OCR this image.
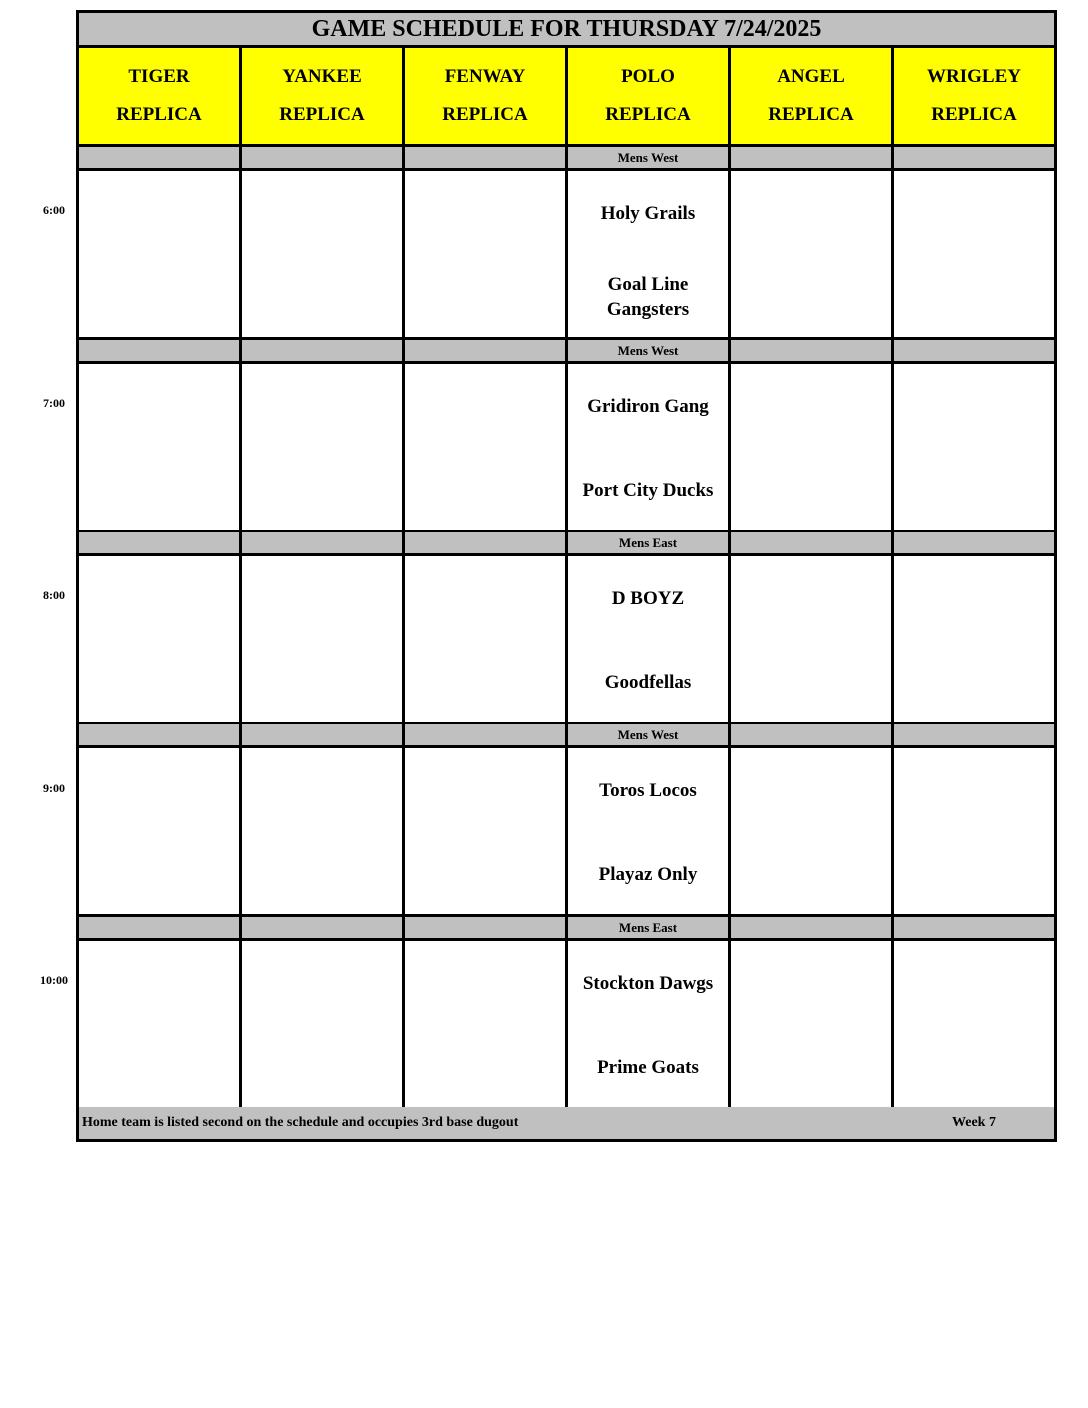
GAME SCHEDULE FOR THURSDAY 7/24/2025
TIGER
REPLICA
YANKEE
REPLICA
FENWAY
REPLICA
POLO
REPLICA
ANGEL
REPLICA
WRIGLEY
REPLICA
Mens West
Holy Grails
Goal Line Gangsters
Mens West
Gridiron Gang
Port City Ducks
Mens East
D BOYZ
Goodfellas
Mens West
Toros Locos
Playaz Only
Mens East
Stockton Dawgs
Prime Goats
Home team is listed second on the schedule and occupies 3rd base dugout	Week 7
6:00
7:00
8:00
9:00
10:00
